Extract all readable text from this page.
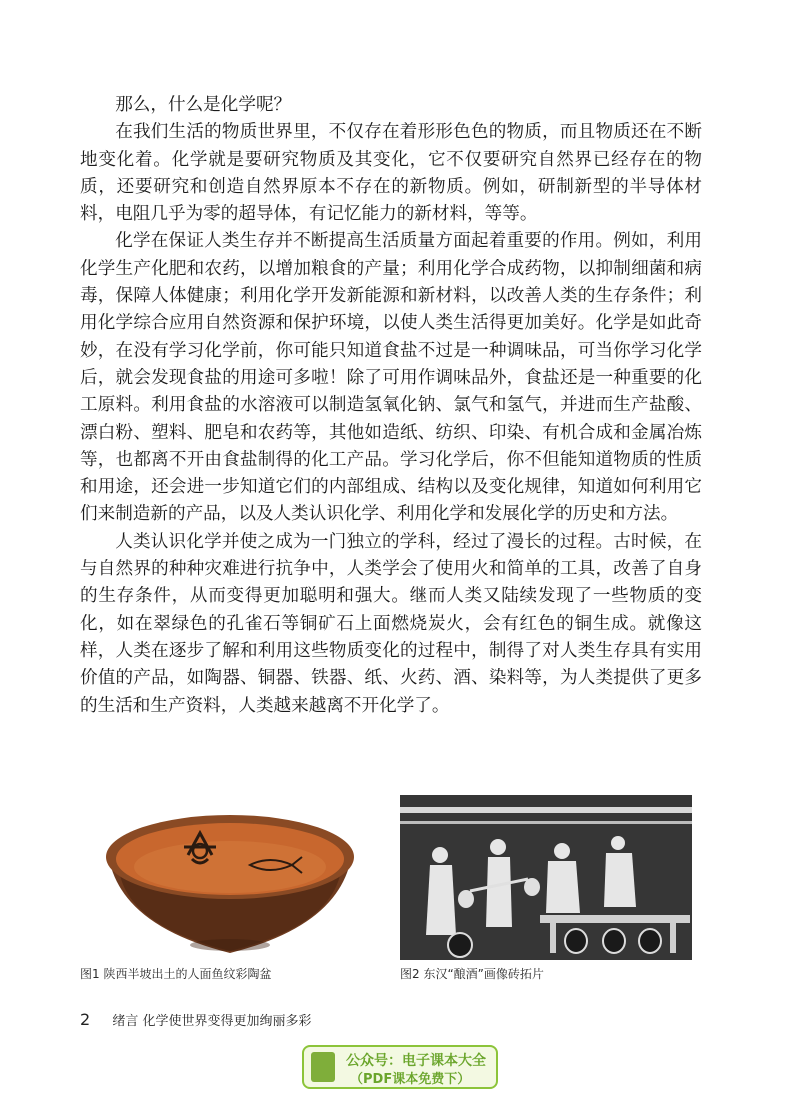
那么，什么是化学呢？

在我们生活的物质世界里，不仅存在着形形色色的物质，而且物质还在不断地变化着。化学就是要研究物质及其变化，它不仅要研究自然界已经存在的物质，还要研究和创造自然界原本不存在的新物质。例如，研制新型的半导体材料，电阻几乎为零的超导体，有记忆能力的新材料，等等。

化学在保证人类生存并不断提高生活质量方面起着重要的作用。例如，利用化学生产化肥和农药，以增加粮食的产量；利用化学合成药物，以抑制细菌和病毒，保障人体健康；利用化学开发新能源和新材料，以改善人类的生存条件；利用化学综合应用自然资源和保护环境，以使人类生活得更加美好。化学是如此奇妙，在没有学习化学前，你可能只知道食盐不过是一种调味品，可当你学习化学后，就会发现食盐的用途可多啦！除了可用作调味品外，食盐还是一种重要的化工原料。利用食盐的水溶液可以制造氢氧化钠、氯气和氢气，并进而生产盐酸、漂白粉、塑料、肥皂和农药等，其他如造纸、纺织、印染、有机合成和金属冶炼等，也都离不开由食盐制得的化工产品。学习化学后，你不但能知道物质的性质和用途，还会进一步知道它们的内部组成、结构以及变化规律，知道如何利用它们来制造新的产品，以及人类认识化学、利用化学和发展化学的历史和方法。

人类认识化学并使之成为一门独立的学科，经过了漫长的过程。古时候，在与自然界的种种灾难进行抗争中，人类学会了使用火和简单的工具，改善了自身的生存条件，从而变得更加聪明和强大。继而人类又陆续发现了一些物质的变化，如在翠绿色的孔雀石等铜矿石上面燃烧炭火，会有红色的铜生成。就像这样，人类在逐步了解和利用这些物质变化的过程中，制得了对人类生存具有实用价值的产品，如陶器、铜器、铁器、纸、火药、酒、染料等，为人类提供了更多的生活和生产资料，人类越来越离不开化学了。

图1 陕西半坡出土的人面鱼纹彩陶盆	图2 东汉“酿酒”画像砖拓片
2 绪言 化学使世界变得更加绚丽多彩
公众号：电子课本大全
（PDF课本免费下）
